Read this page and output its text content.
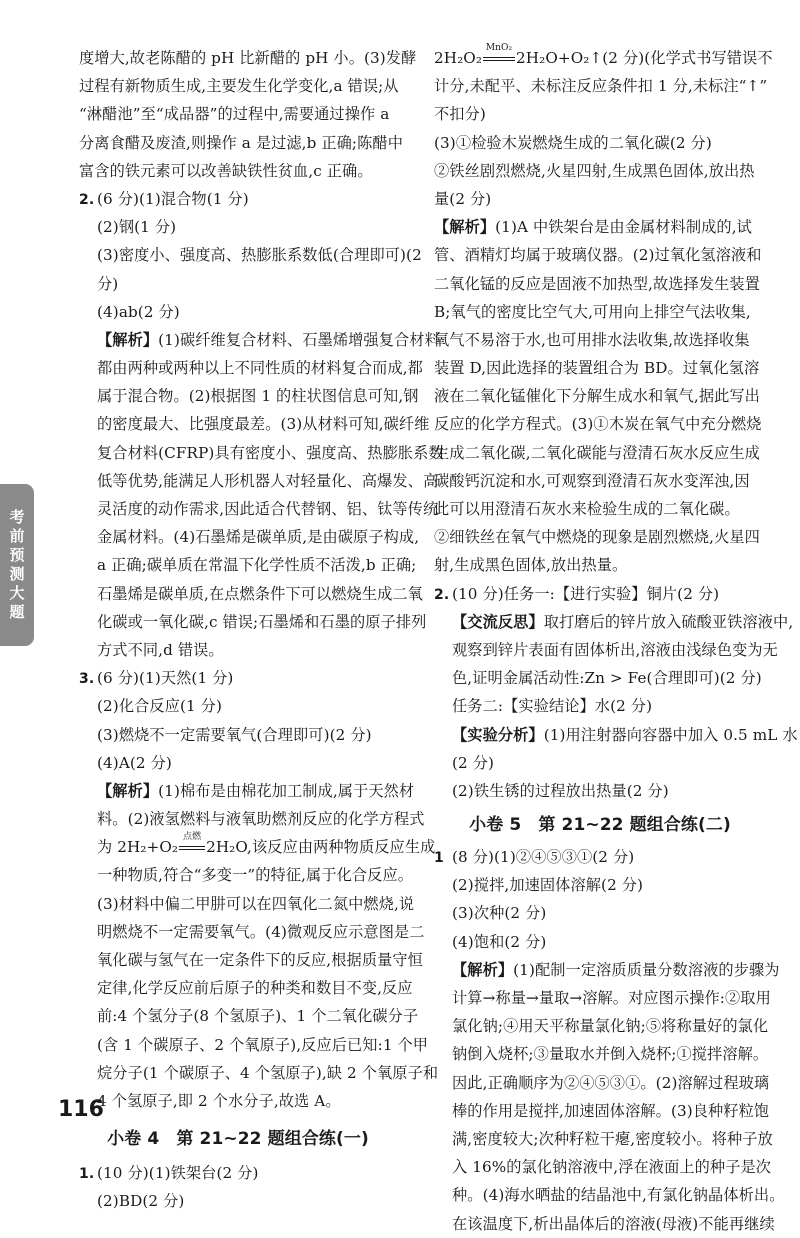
考前预测大题
度增大,故老陈醋的 pH 比新醋的 pH 小。(3)发酵
过程有新物质生成,主要发生化学变化,a 错误;从
“淋醋池”至“成品器”的过程中,需要通过操作 a
分离食醋及废渣,则操作 a 是过滤,b 正确;陈醋中
富含的铁元素可以改善缺铁性贫血,c 正确。
2. (6 分)(1)混合物(1 分)
(2)钢(1 分)
(3)密度小、强度高、热膨胀系数低(合理即可)(2
分)
(4)ab(2 分)
【解析】(1)碳纤维复合材料、石墨烯增强复合材料
都由两种或两种以上不同性质的材料复合而成,都
属于混合物。(2)根据图 1 的柱状图信息可知,钢
的密度最大、比强度最差。(3)从材料可知,碳纤维
复合材料(CFRP)具有密度小、强度高、热膨胀系数
低等优势,能满足人形机器人对轻量化、高爆发、高
灵活度的动作需求,因此适合代替钢、铝、钛等传统
金属材料。(4)石墨烯是碳单质,是由碳原子构成,
a 正确;碳单质在常温下化学性质不活泼,b 正确;
石墨烯是碳单质,在点燃条件下可以燃烧生成二氧
化碳或一氧化碳,c 错误;石墨烯和石墨的原子排列
方式不同,d 错误。
3. (6 分)(1)天然(1 分)
(2)化合反应(1 分)
(3)燃烧不一定需要氧气(合理即可)(2 分)
(4)A(2 分)
【解析】(1)棉布是由棉花加工制成,属于天然材
料。(2)液氢燃料与液氧助燃剂反应的化学方程式
为 2H₂+O₂
点燃
2H₂O,该反应由两种物质反应生成
一种物质,符合“多变一”的特征,属于化合反应。
(3)材料中偏二甲肼可以在四氧化二氮中燃烧,说
明燃烧不一定需要氧气。(4)微观反应示意图是二
氧化碳与氢气在一定条件下的反应,根据质量守恒
定律,化学反应前后原子的种类和数目不变,反应
前:4 个氢分子(8 个氢原子)、1 个二氧化碳分子
(含 1 个碳原子、2 个氧原子),反应后已知:1 个甲
烷分子(1 个碳原子、4 个氢原子),缺 2 个氧原子和
4 个氢原子,即 2 个水分子,故选 A。
小卷 4　第 21~22 题组合练(一)
1. (10 分)(1)铁架台(2 分)
(2)BD(2 分)
2H₂O₂
MnO₂
2H₂O+O₂↑(2 分)(化学式书写错误不
计分,未配平、未标注反应条件扣 1 分,未标注“↑”
不扣分)
(3)①检验木炭燃烧生成的二氧化碳(2 分)
②铁丝剧烈燃烧,火星四射,生成黑色固体,放出热
量(2 分)
【解析】(1)A 中铁架台是由金属材料制成的,试
管、酒精灯均属于玻璃仪器。(2)过氧化氢溶液和
二氧化锰的反应是固液不加热型,故选择发生装置
B;氧气的密度比空气大,可用向上排空气法收集,
氧气不易溶于水,也可用排水法收集,故选择收集
装置 D,因此选择的装置组合为 BD。过氧化氢溶
液在二氧化锰催化下分解生成水和氧气,据此写出
反应的化学方程式。(3)①木炭在氧气中充分燃烧
生成二氧化碳,二氧化碳能与澄清石灰水反应生成
碳酸钙沉淀和水,可观察到澄清石灰水变浑浊,因
此可以用澄清石灰水来检验生成的二氧化碳。
②细铁丝在氧气中燃烧的现象是剧烈燃烧,火星四
射,生成黑色固体,放出热量。
2. (10 分)任务一:【进行实验】铜片(2 分)
【交流反思】取打磨后的锌片放入硫酸亚铁溶液中,
观察到锌片表面有固体析出,溶液由浅绿色变为无
色,证明金属活动性:Zn > Fe(合理即可)(2 分)
任务二:【实验结论】水(2 分)
【实验分析】(1)用注射器向容器中加入 0.5 mL 水
(2 分)
(2)铁生锈的过程放出热量(2 分)
小卷 5　第 21~22 题组合练(二)
1 (8 分)(1)②④⑤③①(2 分)
(2)搅拌,加速固体溶解(2 分)
(3)次种(2 分)
(4)饱和(2 分)
【解析】(1)配制一定溶质质量分数溶液的步骤为
计算→称量→量取→溶解。对应图示操作:②取用
氯化钠;④用天平称量氯化钠;⑤将称量好的氯化
钠倒入烧杯;③量取水并倒入烧杯;①搅拌溶解。
因此,正确顺序为②④⑤③①。(2)溶解过程玻璃
棒的作用是搅拌,加速固体溶解。(3)良种籽粒饱
满,密度较大;次种籽粒干瘪,密度较小。将种子放
入 16%的氯化钠溶液中,浮在液面上的种子是次
种。(4)海水晒盐的结晶池中,有氯化钠晶体析出。
在该温度下,析出晶体后的溶液(母液)不能再继续
116
